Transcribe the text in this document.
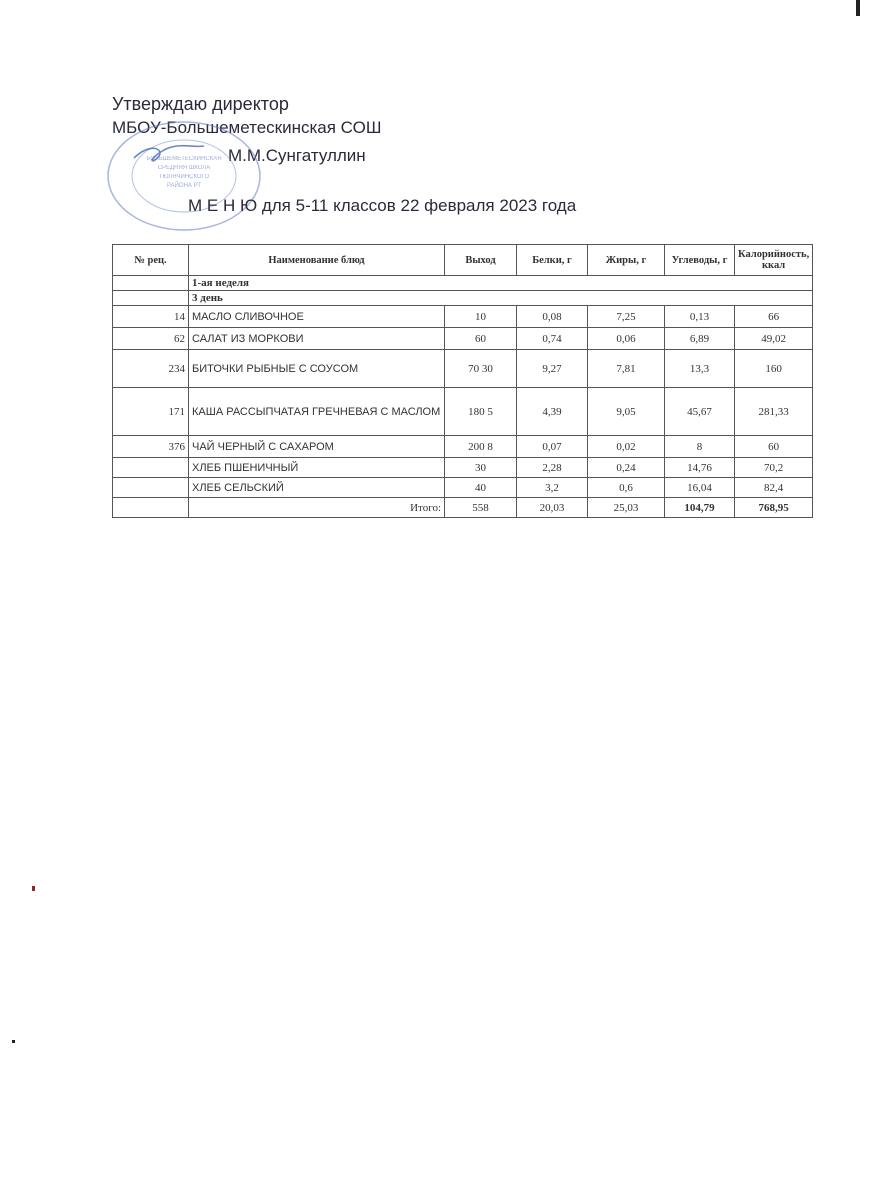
Утверждаю директор
МБОУ-Большеметескинская СОШ
М.М.Сунгатуллин
БОЛЬШЕМЕТЕСКИНСКАЯ
СРЕДНЯЯ ШКОЛА
ТЮЛЯЧИНСКОГО
РАЙОНА РТ
М Е Н Ю для 5-11 классов 22 февраля 2023 года
№ рец.	Наименование блюд	Выход	Белки, г	Жиры, г	Углеводы, г	Калорийность, ккал
	1-ая неделя					
	3 день					
14	МАСЛО СЛИВОЧНОЕ	10	0,08	7,25	0,13	66
62	САЛАТ ИЗ МОРКОВИ	60	0,74	0,06	6,89	49,02
234	БИТОЧКИ РЫБНЫЕ С СОУСОМ	70 30	9,27	7,81	13,3	160
171	КАША РАССЫПЧАТАЯ ГРЕЧНЕВАЯ С МАСЛОМ	180 5	4,39	9,05	45,67	281,33
376	ЧАЙ ЧЕРНЫЙ С САХАРОМ	200 8	0,07	0,02	8	60
	ХЛЕБ ПШЕНИЧНЫЙ	30	2,28	0,24	14,76	70,2
	ХЛЕБ СЕЛЬСКИЙ	40	3,2	0,6	16,04	82,4
	Итого:	558	20,03	25,03	104,79	768,95
